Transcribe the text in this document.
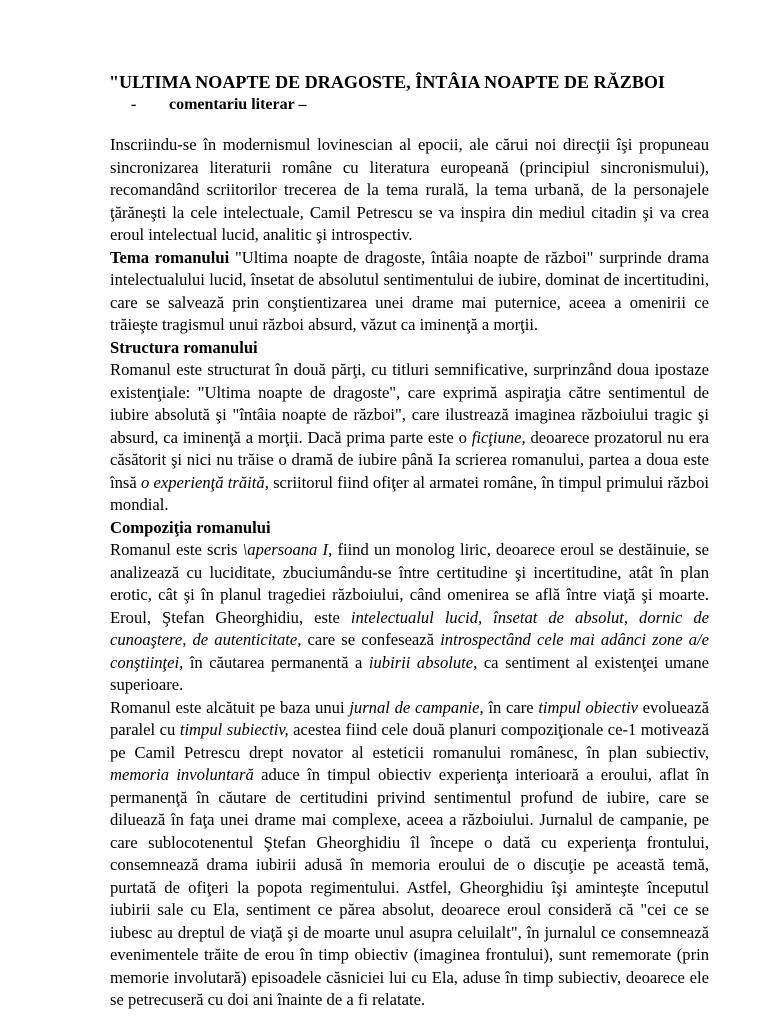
"ULTIMA NOAPTE DE DRAGOSTE, ÎNTÂIA NOAPTE DE RĂZBOI
- comentariu literar –

Inscriindu-se în modernismul lovinescian al epocii, ale cărui noi direcţii îşi propuneau sincronizarea literaturii române cu literatura europeană (principiul sincronismului), recomandând scriitorilor trecerea de la tema rurală, la tema urbană, de la personajele ţărăneşti la cele intelectuale, Camil Petrescu se va inspira din mediul citadin şi va crea eroul intelectual lucid, analitic şi introspectiv.

Tema romanului "Ultima noapte de dragoste, întâia noapte de război" surprinde drama intelectualului lucid, însetat de absolutul sentimentului de iubire, dominat de incertitudini, care se salvează prin conştientizarea unei drame mai puternice, aceea a omenirii ce trăieşte tragismul unui război absurd, văzut ca iminenţă a morţii.

Structura romanului

Romanul este structurat în două părţi, cu titluri semnificative, surprinzând doua ipostaze existenţiale: "Ultima noapte de dragoste", care exprimă aspiraţia către sentimentul de iubire absolută şi "întâia noapte de război", care ilustrează imaginea războiului tragic şi absurd, ca iminenţă a morţii. Dacă prima parte este o ficţiune, deoarece prozatorul nu era căsătorit şi nici nu trăise o dramă de iubire până Ia scrierea romanului, partea a doua este însă o experienţă trăită, scriitorul fiind ofiţer al armatei române, în timpul primului război mondial.

Compoziţia romanului

Romanul este scris \apersoana I, fiind un monolog liric, deoarece eroul se destăinuie, se analizează cu luciditate, zbuciumându-se între certitudine şi incertitudine, atât în plan erotic, cât şi în planul tragediei războiului, când omenirea se află între viaţă şi moarte. Eroul, Ştefan Gheorghidiu, este intelectualul lucid, însetat de absolut, dornic de cunoaştere, de autenticitate, care se confesează introspectând cele mai adânci zone a/e conştiinţei, în căutarea permanentă a iubirii absolute, ca sentiment al existenţei umane superioare.

Romanul este alcătuit pe baza unui jurnal de campanie, în care timpul obiectiv evoluează paralel cu timpul subiectiv, acestea fiind cele două planuri compoziţionale ce-1 motivează pe Camil Petrescu drept novator al esteticii romanului românesc, în plan subiectiv, memoria involuntară aduce în timpul obiectiv experienţa interioară a eroului, aflat în permanenţă în căutare de certitudini privind sentimentul profund de iubire, care se diluează în faţa unei drame mai complexe, aceea a războiului. Jurnalul de campanie, pe care sublocotenentul Ştefan Gheorghidiu îl începe o dată cu experienţa frontului, consemnează drama iubirii adusă în memoria eroului de o discuţie pe această temă, purtată de ofiţeri la popota regimentului. Astfel, Gheorghidiu îşi aminteşte începutul iubirii sale cu Ela, sentiment ce părea absolut, deoarece eroul consideră că "cei ce se iubesc au dreptul de viaţă şi de moarte unul asupra celuilalt", în jurnalul ce consemnează evenimentele trăite de erou în timp obiectiv (imaginea frontului), sunt rememorate (prin memorie involutară) episoadele căsniciei lui cu Ela, aduse în timp subiectiv, deoarece ele se petrecuseră cu doi ani înainte de a fi relatate.
